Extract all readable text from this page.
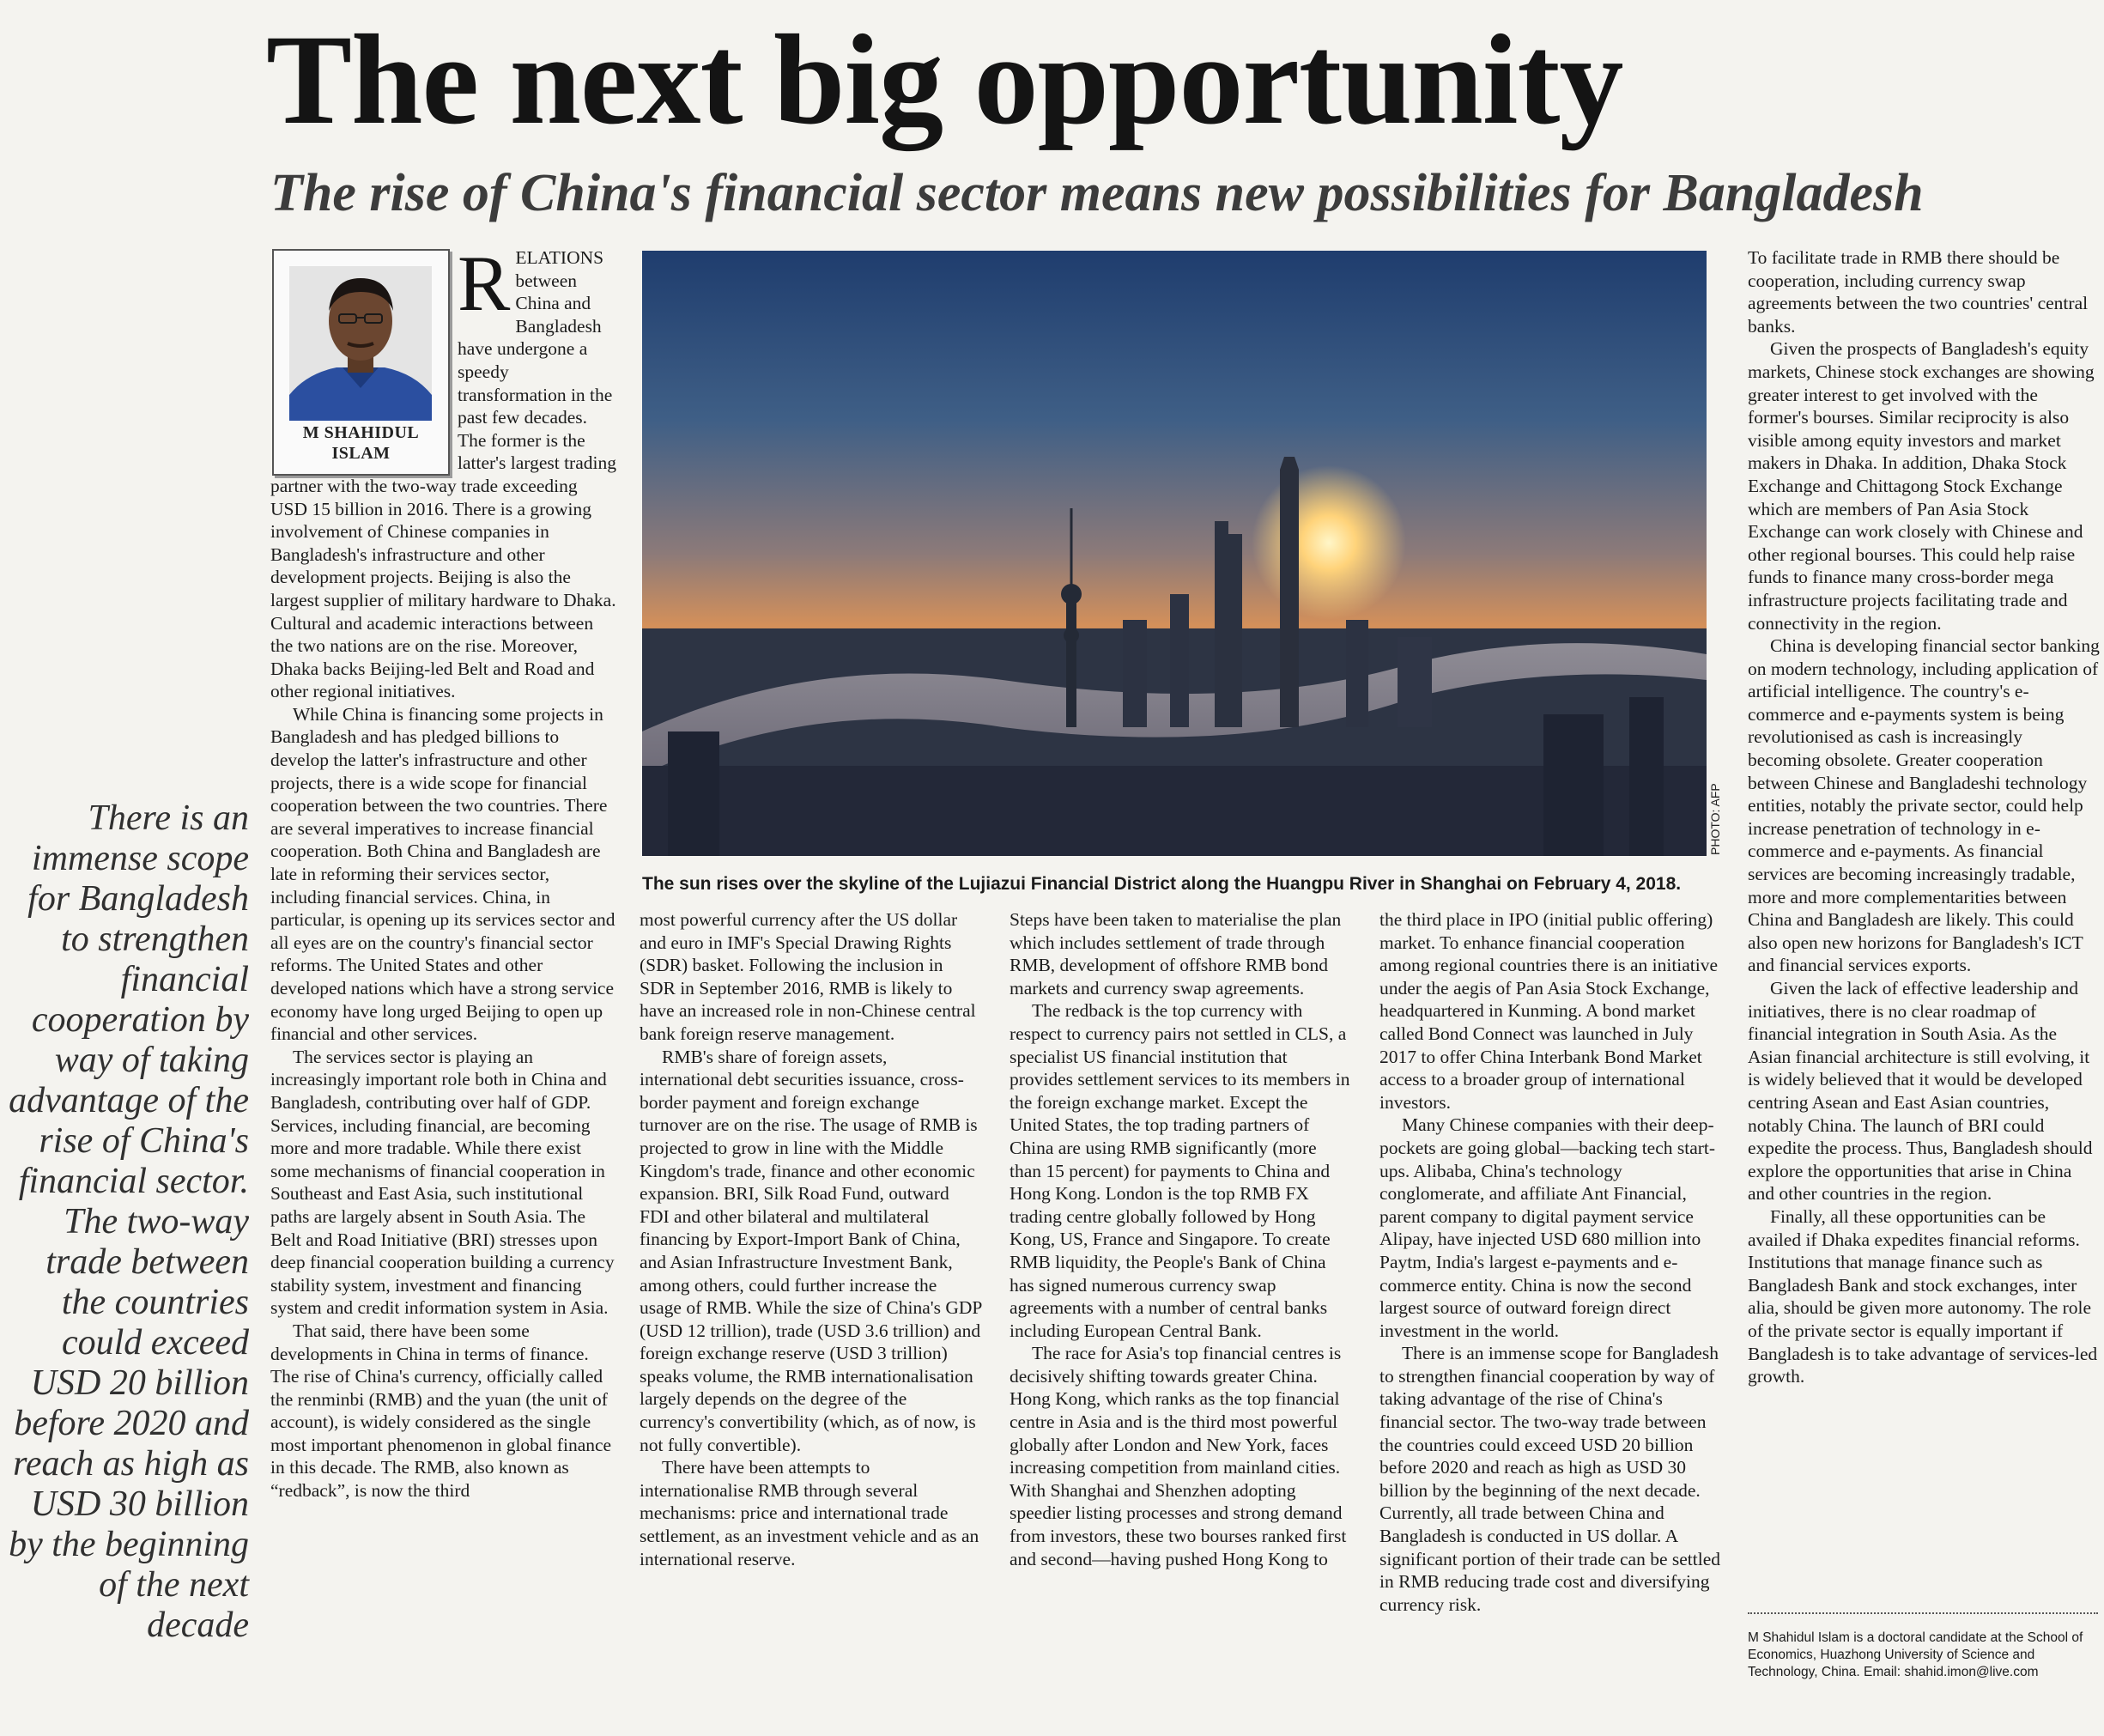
The next big opportunity
The rise of China's financial sector means new possibilities for Bangladesh
M SHAHIDUL
ISLAM

RELATIONS between China and Bangladesh have undergone a speedy transformation in the past few decades. The former is the latter's largest trading partner with the two-way trade exceeding USD 15 billion in 2016. There is a growing involvement of Chinese companies in Bangladesh's infrastructure and other development projects. Beijing is also the largest supplier of military hardware to Dhaka. Cultural and academic interactions between the two nations are on the rise. Moreover, Dhaka backs Beijing-led Belt and Road and other regional initiatives.

While China is financing some projects in Bangladesh and has pledged billions to develop the latter's infrastructure and other projects, there is a wide scope for financial cooperation between the two countries. There are several imperatives to increase financial cooperation. Both China and Bangladesh are late in reforming their services sector, including financial services. China, in particular, is opening up its services sector and all eyes are on the country's financial sector reforms. The United States and other developed nations which have a strong service economy have long urged Beijing to open up financial and other services.

The services sector is playing an increasingly important role both in China and Bangladesh, contributing over half of GDP. Services, including financial, are becoming more and more tradable. While there exist some mechanisms of financial cooperation in Southeast and East Asia, such institutional paths are largely absent in South Asia. The Belt and Road Initiative (BRI) stresses upon deep financial cooperation building a currency stability system, investment and financing system and credit information system in Asia.

That said, there have been some developments in China in terms of finance. The rise of China's currency, officially called the renminbi (RMB) and the yuan (the unit of account), is widely considered as the single most important phenomenon in global finance in this decade. The RMB, also known as “redback”, is now the third

There is an immense scope for Bangladesh to strengthen financial cooperation by way of taking advantage of the rise of China's financial sector. The two-way trade between the countries could exceed USD 20 billion before 2020 and reach as high as USD 30 billion by the beginning of the next decade
PHOTO: AFP
The sun rises over the skyline of the Lujiazui Financial District along the Huangpu River in Shanghai on February 4, 2018.

most powerful currency after the US dollar and euro in IMF's Special Drawing Rights (SDR) basket. Following the inclusion in SDR in September 2016, RMB is likely to have an increased role in non-Chinese central bank foreign reserve management.

RMB's share of foreign assets, international debt securities issuance, cross-border payment and foreign exchange turnover are on the rise. The usage of RMB is projected to grow in line with the Middle Kingdom's trade, finance and other economic expansion. BRI, Silk Road Fund, outward FDI and other bilateral and multilateral financing by Export-Import Bank of China, and Asian Infrastructure Investment Bank, among others, could further increase the usage of RMB. While the size of China's GDP (USD 12 trillion), trade (USD 3.6 trillion) and foreign exchange reserve (USD 3 trillion) speaks volume, the RMB internationalisation largely depends on the degree of the currency's convertibility (which, as of now, is not fully convertible).

There have been attempts to internationalise RMB through several mechanisms: price and international trade settlement, as an investment vehicle and as an international reserve.

Steps have been taken to materialise the plan which includes settlement of trade through RMB, development of offshore RMB bond markets and currency swap agreements.

The redback is the top currency with respect to currency pairs not settled in CLS, a specialist US financial institution that provides settlement services to its members in the foreign exchange market. Except the United States, the top trading partners of China are using RMB significantly (more than 15 percent) for payments to China and Hong Kong. London is the top RMB FX trading centre globally followed by Hong Kong, US, France and Singapore. To create RMB liquidity, the People's Bank of China has signed numerous currency swap agreements with a number of central banks including European Central Bank.

The race for Asia's top financial centres is decisively shifting towards greater China. Hong Kong, which ranks as the top financial centre in Asia and is the third most powerful globally after London and New York, faces increasing competition from mainland cities. With Shanghai and Shenzhen adopting speedier listing processes and strong demand from investors, these two bourses ranked first and second—having pushed Hong Kong to

the third place in IPO (initial public offering) market. To enhance financial cooperation among regional countries there is an initiative under the aegis of Pan Asia Stock Exchange, headquartered in Kunming. A bond market called Bond Connect was launched in July 2017 to offer China Interbank Bond Market access to a broader group of international investors.

Many Chinese companies with their deep-pockets are going global—backing tech start-ups. Alibaba, China's technology conglomerate, and affiliate Ant Financial, parent company to digital payment service Alipay, have injected USD 680 million into Paytm, India's largest e-payments and e-commerce entity. China is now the second largest source of outward foreign direct investment in the world.

There is an immense scope for Bangladesh to strengthen financial cooperation by way of taking advantage of the rise of China's financial sector. The two-way trade between the countries could exceed USD 20 billion before 2020 and reach as high as USD 30 billion by the beginning of the next decade. Currently, all trade between China and Bangladesh is conducted in US dollar. A significant portion of their trade can be settled in RMB reducing trade cost and diversifying currency risk.

To facilitate trade in RMB there should be cooperation, including currency swap agreements between the two countries' central banks.

Given the prospects of Bangladesh's equity markets, Chinese stock exchanges are showing greater interest to get involved with the former's bourses. Similar reciprocity is also visible among equity investors and market makers in Dhaka. In addition, Dhaka Stock Exchange and Chittagong Stock Exchange which are members of Pan Asia Stock Exchange can work closely with Chinese and other regional bourses. This could help raise funds to finance many cross-border mega infrastructure projects facilitating trade and connectivity in the region.

China is developing financial sector banking on modern technology, including application of artificial intelligence. The country's e-commerce and e-payments system is being revolutionised as cash is increasingly becoming obsolete. Greater cooperation between Chinese and Bangladeshi technology entities, notably the private sector, could help increase penetration of technology in e-commerce and e-payments. As financial services are becoming increasingly tradable, more and more complementarities between China and Bangladesh are likely. This could also open new horizons for Bangladesh's ICT and financial services exports.

Given the lack of effective leadership and initiatives, there is no clear roadmap of financial integration in South Asia. As the Asian financial architecture is still evolving, it is widely believed that it would be developed centring Asean and East Asian countries, notably China. The launch of BRI could expedite the process. Thus, Bangladesh should explore the opportunities that arise in China and other countries in the region.

Finally, all these opportunities can be availed if Dhaka expedites financial reforms. Institutions that manage finance such as Bangladesh Bank and stock exchanges, inter alia, should be given more autonomy. The role of the private sector is equally important if Bangladesh is to take advantage of services-led growth.

M Shahidul Islam is a doctoral candidate at the School of Economics, Huazhong University of Science and Technology, China. Email: shahid.imon@live.com
